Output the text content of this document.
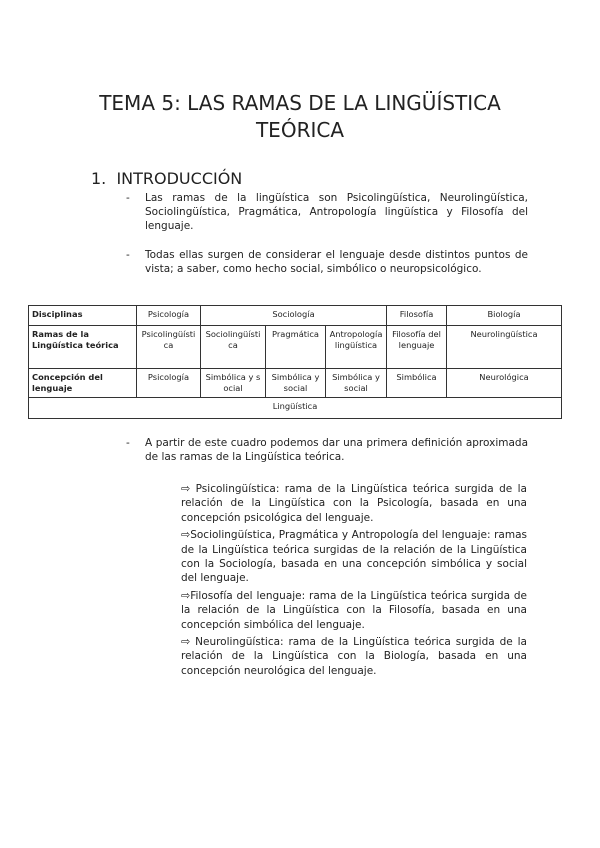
TEMA 5: LAS RAMAS DE LA LINGÜÍSTICA
TEÓRICA
1. INTRODUCCIÓN
- Las ramas de la lingüística son Psicolingüística, Neurolingüística, Sociolingüística, Pragmática, Antropología lingüística y Filosofía del lenguaje.
- Todas ellas surgen de considerar el lenguaje desde distintos puntos de vista; a saber, como hecho social, simbólico o neuropsicológico.
Disciplinas	Psicología	Sociología			Filosofía	Biología
Ramas de la Lingüística teórica	Psicolingüística	Sociolingüística	Pragmática	Antropología lingüística	Filosofía del lenguaje	Neurolingüística
Concepción del lenguaje	Psicología	Simbólica y social	Simbólica y social	Simbólica y social	Simbólica	Neurológica
Lingüística						
- A partir de este cuadro podemos dar una primera definición aproximada de las ramas de la Lingüística teórica.

⇨ Psicolingüística: rama de la Lingüística teórica surgida de la relación de la Lingüística con la Psicología, basada en una concepción psicológica del lenguaje.

⇨Sociolingüística, Pragmática y Antropología del lenguaje: ramas de la Lingüística teórica surgidas de la relación de la Lingüística con la Sociología, basada en una concepción simbólica y social del lenguaje.

⇨Filosofía del lenguaje: rama de la Lingüística teórica surgida de la relación de la Lingüística con la Filosofía, basada en una concepción simbólica del lenguaje.

⇨ Neurolingüística: rama de la Lingüística teórica surgida de la relación de la Lingüística con la Biología, basada en una concepción neurológica del lenguaje.
